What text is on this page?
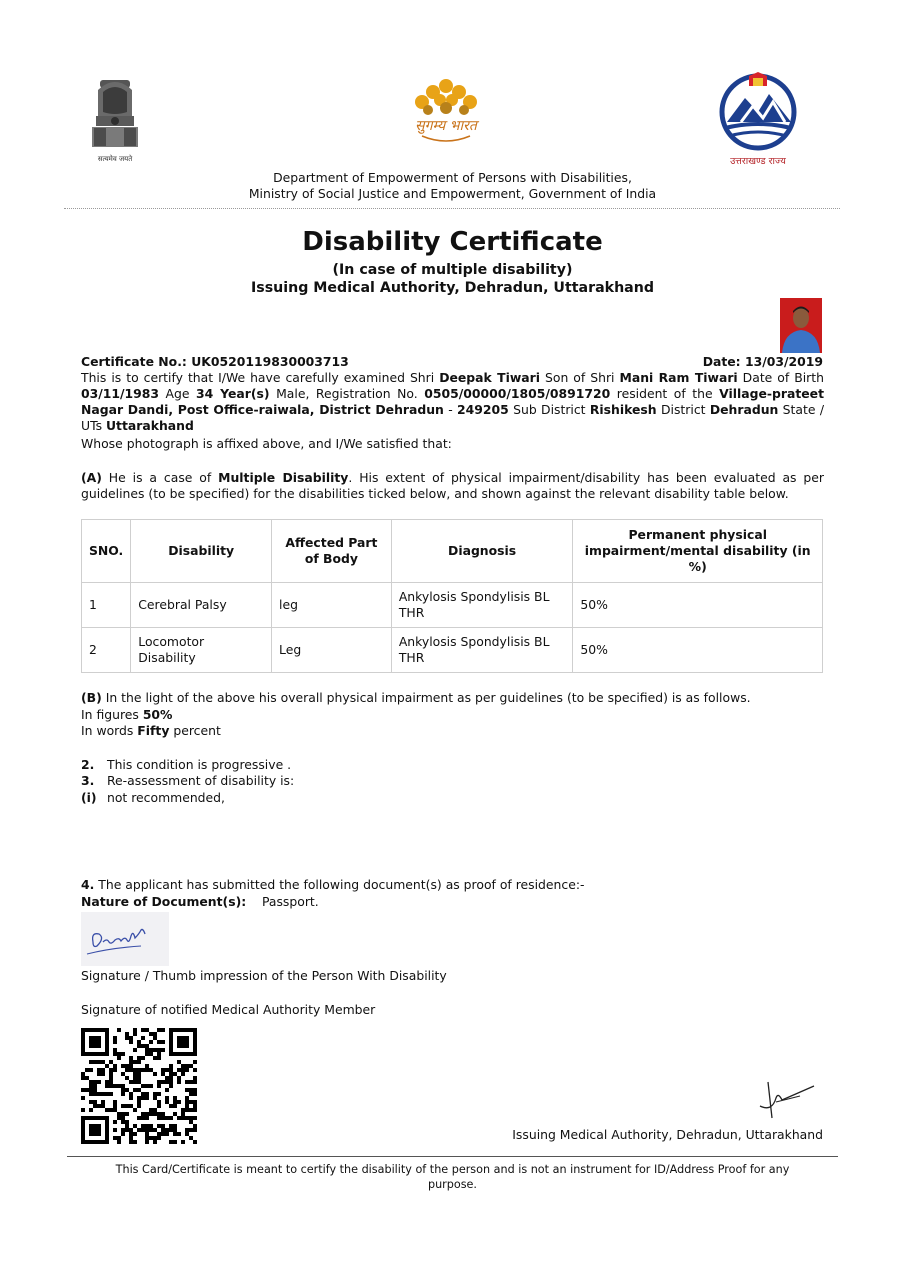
सत्यमेव जयते
सुगम्य भारत
उत्तराखण्ड राज्य
Department of Empowerment of Persons with Disabilities,
Ministry of Social Justice and Empowerment, Government of India
Disability Certificate
(In case of multiple disability)
Issuing Medical Authority, Dehradun, Uttarakhand
Certificate No.: UK0520119830003713	Date: 13/03/2019
This is to certify that I/We have carefully examined Shri Deepak Tiwari Son of Shri Mani Ram Tiwari Date of Birth 03/11/1983 Age 34 Year(s) Male, Registration No. 0505/00000/1805/0891720 resident of the Village-prateet Nagar Dandi, Post Office-raiwala, District Dehradun - 249205 Sub District Rishikesh District Dehradun State / UTs Uttarakhand
Whose photograph is affixed above, and I/We satisfied that:
(A) He is a case of Multiple Disability. His extent of physical impairment/disability has been evaluated as per guidelines (to be specified) for the disabilities ticked below, and shown against the relevant disability table below.
SNO.	Disability	Affected Part of Body	Diagnosis	Permanent physical impairment/mental disability (in %)
1	Cerebral Palsy	leg	Ankylosis Spondylisis BL THR	50%
2	Locomotor Disability	Leg	Ankylosis Spondylisis BL THR	50%
(B) In the light of the above his overall physical impairment as per guidelines (to be specified) is as follows.
In figures 50%
In words Fifty percent
2. This condition is progressive .
3. Re-assessment of disability is:
(i) not recommended,
4. The applicant has submitted the following document(s) as proof of residence:-
Nature of Document(s): Passport.
Signature / Thumb impression of the Person With Disability
Signature of notified Medical Authority Member
Issuing Medical Authority, Dehradun, Uttarakhand
This Card/Certificate is meant to certify the disability of the person and is not an instrument for ID/Address Proof for any purpose.
